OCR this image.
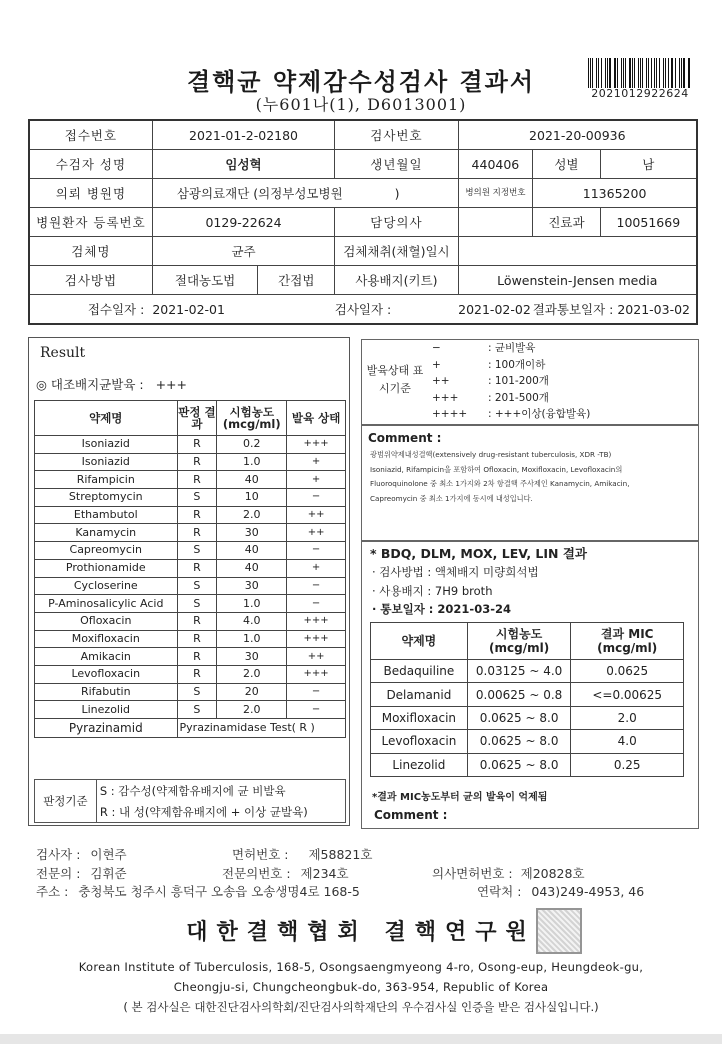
결핵균 약제감수성검사 결과서
(누601나(1), D6013001)
2021012922624
접수번호	2021-01-2-02180		검사번호	2021-20-00936		
수검자 성명	임성혁		생년월일	440406	성별	남
의뢰 병원명	삼광의료재단 (의정부성모병원 )			병의원 지정번호	11365200	
병원환자 등록번호	0129-22624		담당의사		진료과	10051669
검체명	균주		검체채취(채혈)일시			
검사방법	절대농도법	간접법	사용배지(키트)	Löwenstein-Jensen media		
접수일자 :	2021-02-01		검사일자 :	2021-02-02	결과통보일자 : 2021-03-02	
Result
◎ 대조배지균발육 : +++
약제명	판정 결과	시험농도 (mcg/ml)	발육 상태
Isoniazid	R	0.2	+++
Isoniazid	R	1.0	+
Rifampicin	R	40	+
Streptomycin	S	10	−
Ethambutol	R	2.0	++
Kanamycin	R	30	++
Capreomycin	S	40	−
Prothionamide	R	40	+
Cycloserine	S	30	−
P-Aminosalicylic Acid	S	1.0	−
Ofloxacin	R	4.0	+++
Moxifloxacin	R	1.0	+++
Amikacin	R	30	++
Levofloxacin	R	2.0	+++
Rifabutin	S	20	−
Linezolid	S	2.0	−
Pyrazinamid	Pyrazinamidase Test( R )		
판정기준	S : 감수성(약제함유배지에 균 비발육
R : 내 성(약제함유배지에 + 이상 균발육)
발육상태 표시기준
−	: 균비발육
+	: 100개이하
++	: 101-200개
+++	: 201-500개
++++	: +++이상(융합발육)
Comment :
광범위약제내성결핵(extensively drug-resistant tuberculosis, XDR -TB)
Isoniazid, Rifampicin을 포함하여 Ofloxacin, Moxifloxacin, Levofloxacin의
Fluoroquinolone 중 최소 1가지와 2차 항결핵 주사제인 Kanamycin, Amikacin,
Capreomycin 중 최소 1가지에 동시에 내성입니다.
* BDQ, DLM, MOX, LEV, LIN 결과
· 검사방법 : 액체배지 미량희석법
· 사용배지 : 7H9 broth
· 통보일자 : 2021-03-24
약제명	시험농도 (mcg/ml)	결과 MIC (mcg/ml)
Bedaquiline	0.03125 ~ 4.0	0.0625
Delamanid	0.00625 ~ 0.8	<=0.00625
Moxifloxacin	0.0625 ~ 8.0	2.0
Levofloxacin	0.0625 ~ 8.0	4.0
Linezolid	0.0625 ~ 8.0	0.25
*결과 MIC농도부터 균의 발육이 억제됨
Comment :
검사자 : 이현주	면허번호 : 제58821호
전문의 : 김휘준	전문의번호 : 제234호	의사면허번호 : 제20828호
주소 : 충청북도 청주시 흥덕구 오송읍 오송생명4로 168-5	연락처 : 043)249-4953, 46
대한결핵협회 결핵연구원
Korean Institute of Tuberculosis, 168-5, Osongsaengmyeong 4-ro, Osong-eup, Heungdeok-gu,
Cheongju-si, Chungcheongbuk-do, 363-954, Republic of Korea
( 본 검사실은 대한진단검사의학회/진단검사의학재단의 우수검사실 인증을 받은 검사실입니다.)
